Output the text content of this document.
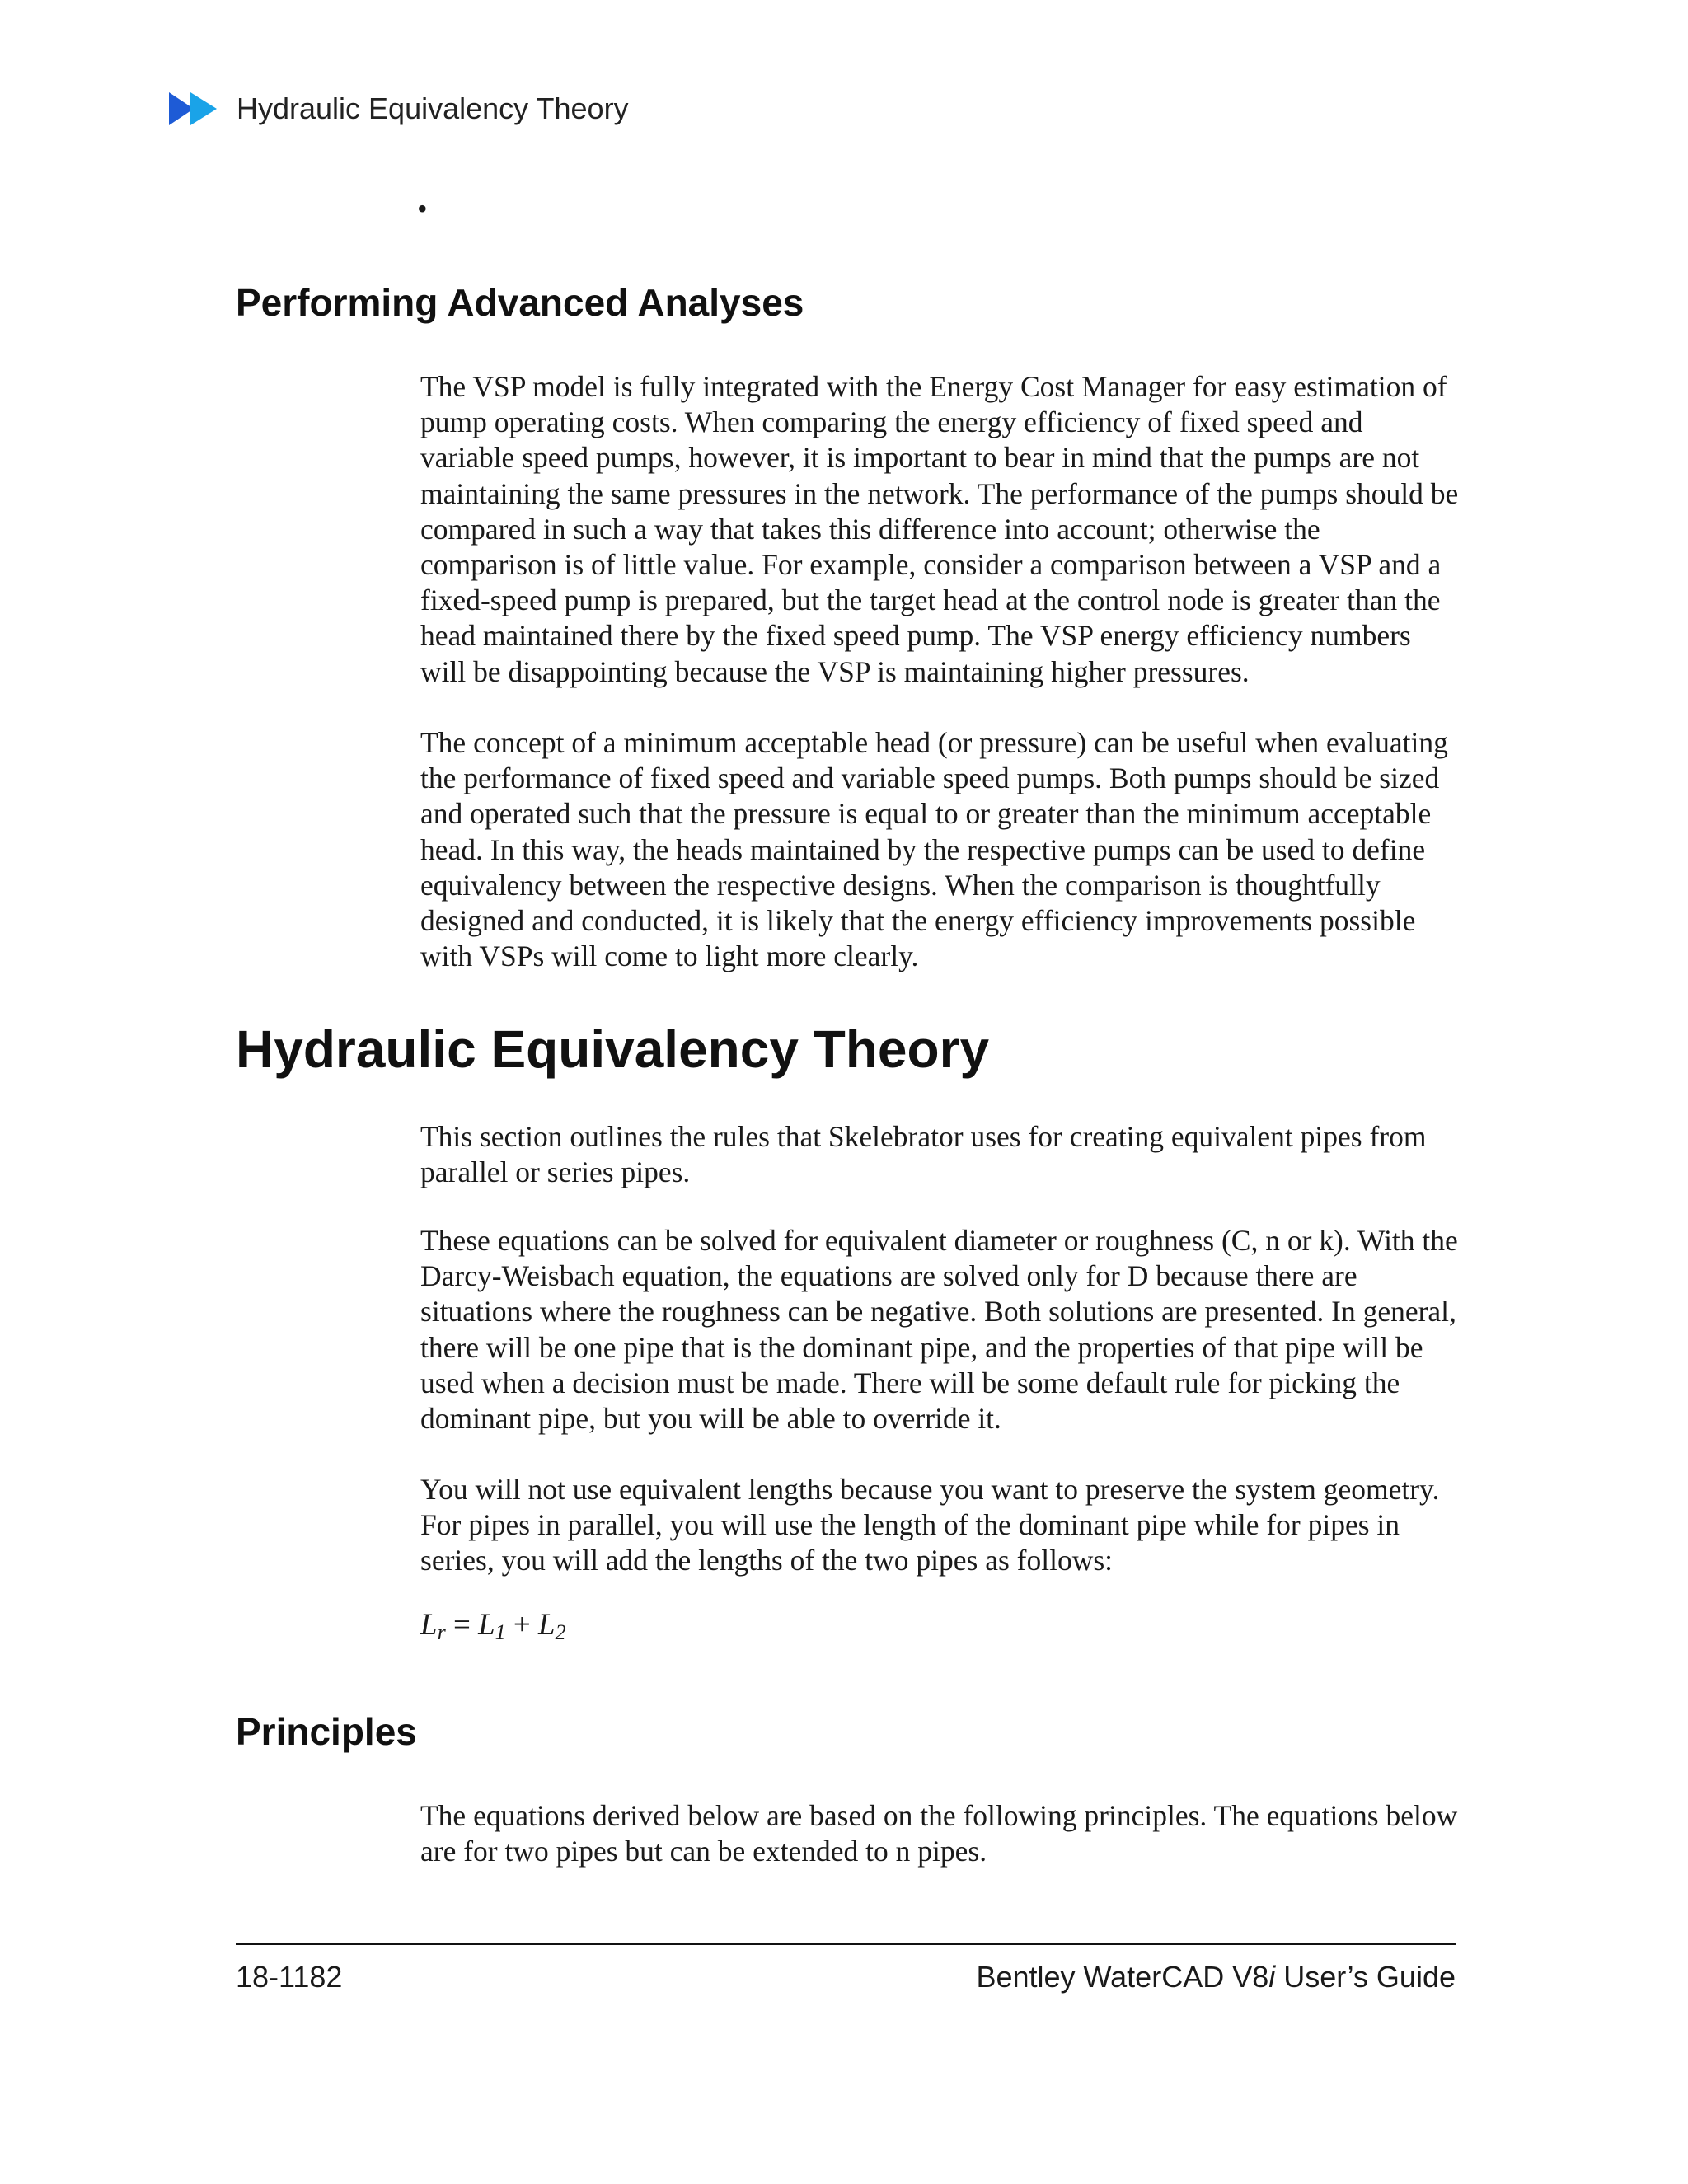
Hydraulic Equivalency Theory
•
Performing Advanced Analyses

The VSP model is fully integrated with the Energy Cost Manager for easy estimation of pump operating costs. When comparing the energy efficiency of fixed speed and variable speed pumps, however, it is important to bear in mind that the pumps are not maintaining the same pressures in the network. The performance of the pumps should be compared in such a way that takes this difference into account; otherwise the comparison is of little value. For example, consider a comparison between a VSP and a fixed-speed pump is prepared, but the target head at the control node is greater than the head maintained there by the fixed speed pump. The VSP energy efficiency numbers will be disappointing because the VSP is maintaining higher pressures.

The concept of a minimum acceptable head (or pressure) can be useful when evaluating the performance of fixed speed and variable speed pumps. Both pumps should be sized and operated such that the pressure is equal to or greater than the minimum acceptable head. In this way, the heads maintained by the respective pumps can be used to define equivalency between the respective designs. When the comparison is thoughtfully designed and conducted, it is likely that the energy efficiency improvements possible with VSPs will come to light more clearly.

Hydraulic Equivalency Theory

This section outlines the rules that Skelebrator uses for creating equivalent pipes from parallel or series pipes.

These equations can be solved for equivalent diameter or roughness (C, n or k). With the Darcy-Weisbach equation, the equations are solved only for D because there are situations where the roughness can be negative. Both solutions are presented. In general, there will be one pipe that is the dominant pipe, and the properties of that pipe will be used when a decision must be made. There will be some default rule for picking the dominant pipe, but you will be able to override it.

You will not use equivalent lengths because you want to preserve the system geometry. For pipes in parallel, you will use the length of the dominant pipe while for pipes in series, you will add the lengths of the two pipes as follows:

$L_r = L_1 + L_2$
Principles

The equations derived below are based on the following principles. The equations below are for two pipes but can be extended to n pipes.

18-1182	Bentley WaterCAD V8i User’s Guide
